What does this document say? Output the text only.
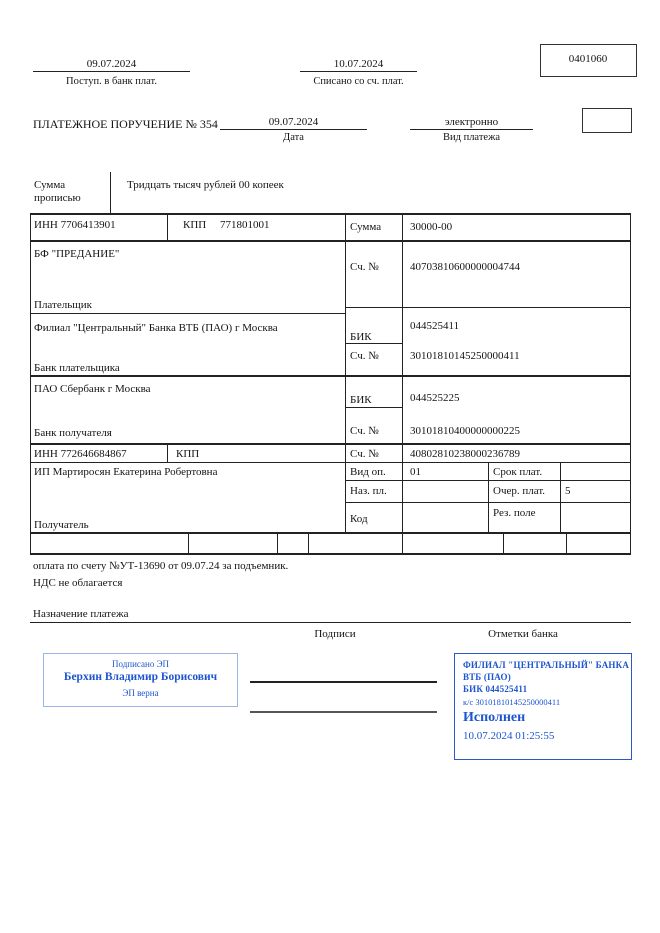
09.07.2024
Поступ. в банк плат.
10.07.2024
Списано со сч. плат.
0401060
ПЛАТЕЖНОЕ ПОРУЧЕНИЕ № 354	09.07.2024
Дата
электронно
Вид платежа
Сумма прописью
Тридцать тысяч рублей 00 копеек
ИНН 7706413901	КПП 771801001	Сумма	30000-00
БФ "ПРЕДАНИЕ"
Плательщик
Сч. №	40703810600000004744
Филиал "Центральный" Банка ВТБ (ПАО) г Москва	044525411
БИК
Сч. №	30101810145250000411
Банк плательщика
ПАО Сбербанк г Москва
БИК	044525225
Сч. №	30101810400000000225
Банк получателя
ИНН 772646684867	КПП	Сч. №	40802810238000236789
ИП Мартиросян Екатерина Робертовна	Вид оп. 01	Срок плат.
Наз. пл.	Очер. плат. 5
Код	Рез. поле
Получатель
оплата по счету №УТ-13690 от 09.07.24 за подъемник.
НДС не облагается
Назначение платежа
Подписи	Отметки банка
Подписано ЭП
Берхин Владимир Борисович
ЭП верна
ФИЛИАЛ "ЦЕНТРАЛЬНЫЙ" БАНКА
ВТБ (ПАО)
БИК 044525411
к/с 30101810145250000411
Исполнен
10.07.2024 01:25:55
